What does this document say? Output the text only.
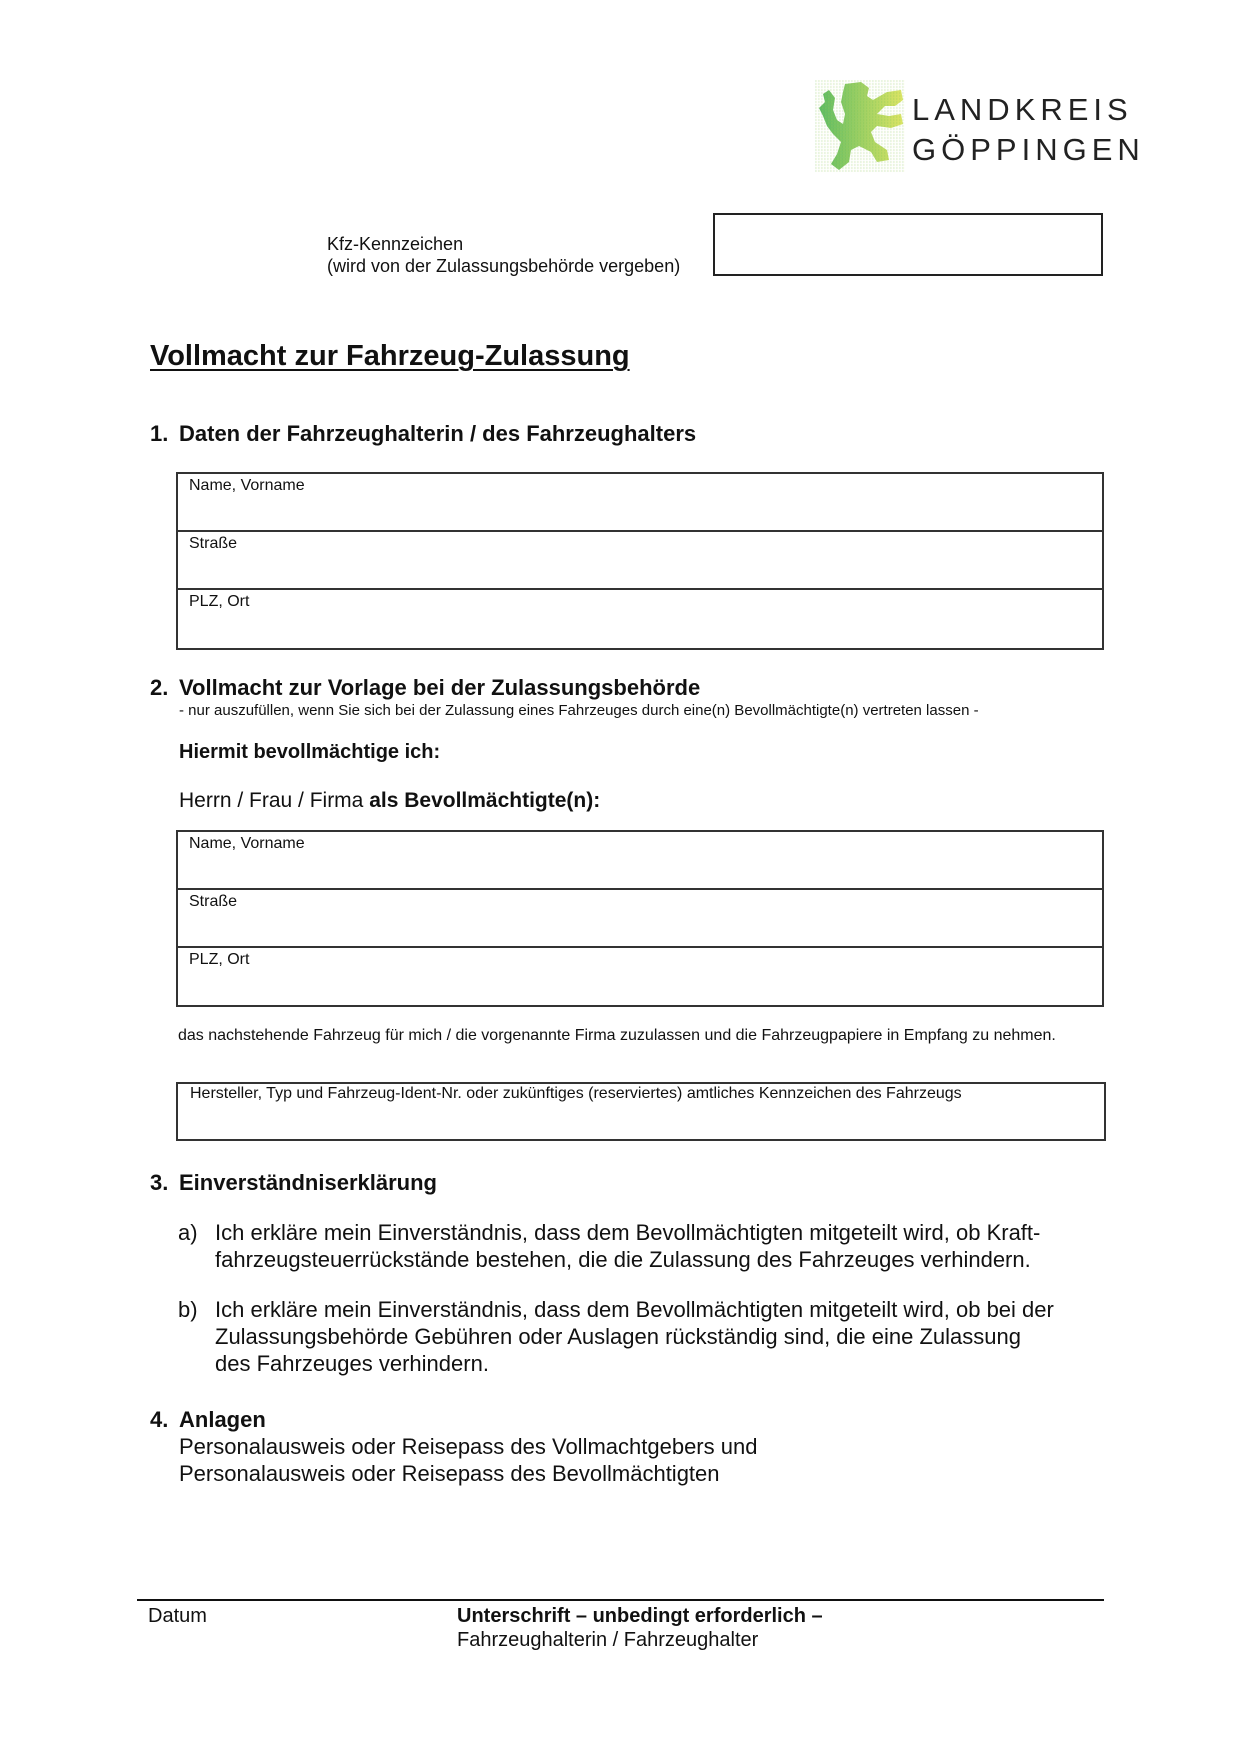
LANDKREIS
GÖPPINGEN
Kfz-Kennzeichen
(wird von der Zulassungsbehörde vergeben)
Vollmacht zur Fahrzeug-Zulassung
1. Daten der Fahrzeughalterin / des Fahrzeughalters
Name, Vorname
Straße
PLZ, Ort
2. Vollmacht zur Vorlage bei der Zulassungsbehörde
- nur auszufüllen, wenn Sie sich bei der Zulassung eines Fahrzeuges durch eine(n) Bevollmächtigte(n) vertreten lassen -
Hiermit bevollmächtige ich:
Herrn / Frau / Firma als Bevollmächtigte(n):
Name, Vorname
Straße
PLZ, Ort
das nachstehende Fahrzeug für mich / die vorgenannte Firma zuzulassen und die Fahrzeugpapiere in Empfang zu nehmen.
Hersteller, Typ und Fahrzeug-Ident-Nr. oder zukünftiges (reserviertes) amtliches Kennzeichen des Fahrzeugs
3. Einverständniserklärung
a) Ich erkläre mein Einverständnis, dass dem Bevollmächtigten mitgeteilt wird, ob Kraft-
fahrzeugsteuerrückstände bestehen, die die Zulassung des Fahrzeuges verhindern.
b) Ich erkläre mein Einverständnis, dass dem Bevollmächtigten mitgeteilt wird, ob bei der
Zulassungsbehörde Gebühren oder Auslagen rückständig sind, die eine Zulassung
des Fahrzeuges verhindern.
4. Anlagen
Personalausweis oder Reisepass des Vollmachtgebers und
Personalausweis oder Reisepass des Bevollmächtigten
Datum	Unterschrift – unbedingt erforderlich –
Fahrzeughalterin / Fahrzeughalter
